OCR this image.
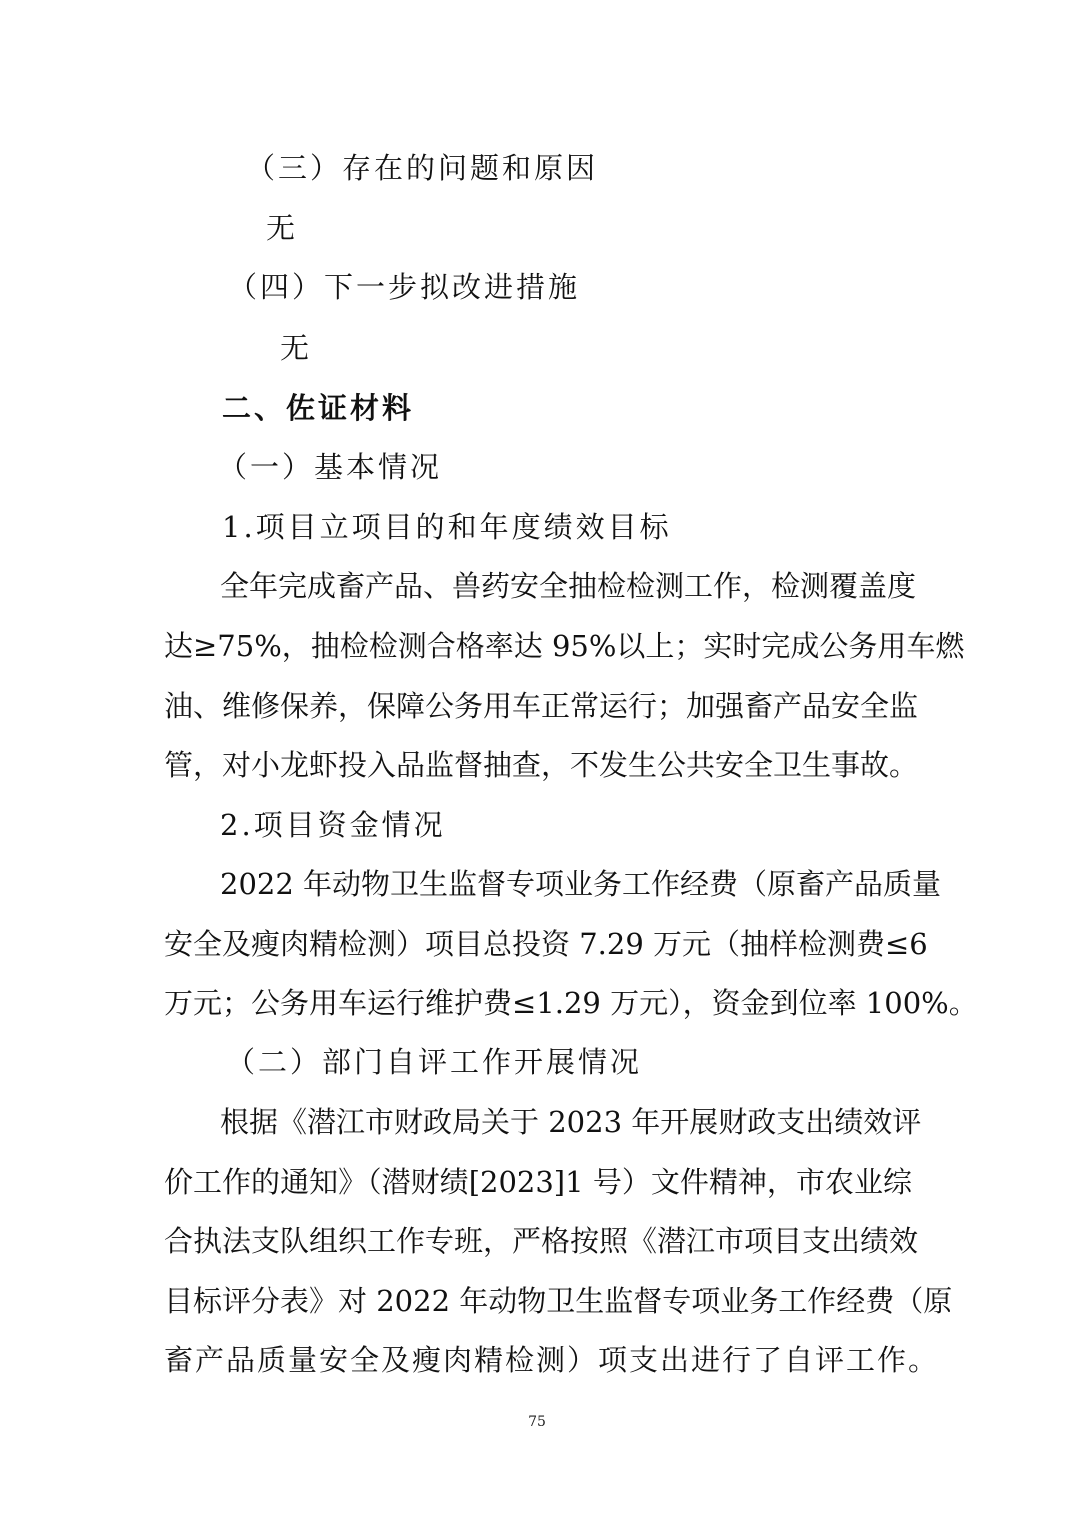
（三）存在的问题和原因
无
（四）下一步拟改进措施
无
二、佐证材料
（一）基本情况
1.项目立项目的和年度绩效目标
全年完成畜产品、兽药安全抽检检测工作，检测覆盖度
达≥75%，抽检检测合格率达 95%以上；实时完成公务用车燃
油、维修保养，保障公务用车正常运行；加强畜产品安全监
管，对小龙虾投入品监督抽查，不发生公共安全卫生事故。
2.项目资金情况
2022 年动物卫生监督专项业务工作经费（原畜产品质量
安全及瘦肉精检测）项目总投资 7.29 万元（抽样检测费≤6
万元；公务用车运行维护费≤1.29 万元），资金到位率 100%。
（二）部门自评工作开展情况
根据《潜江市财政局关于 2023 年开展财政支出绩效评
价工作的通知》（潜财绩[2023]1 号）文件精神，市农业综
合执法支队组织工作专班，严格按照《潜江市项目支出绩效
目标评分表》对 2022 年动物卫生监督专项业务工作经费（原
畜产品质量安全及瘦肉精检测）项支出进行了自评工作。
75
